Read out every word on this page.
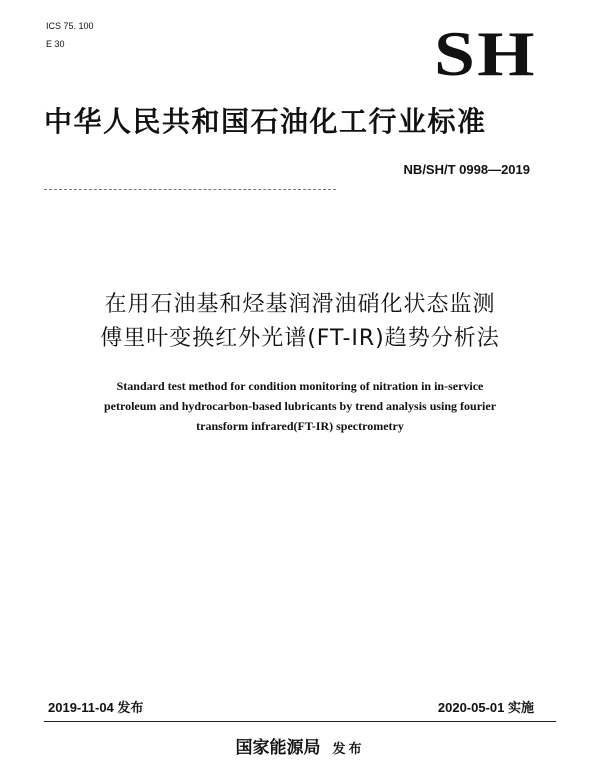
ICS 75. 100
E 30	SH
中华人民共和国石油化工行业标准
NB/SH/T 0998—2019
在用石油基和烃基润滑油硝化状态监测
傅里叶变换红外光谱(FT-IR)趋势分析法
Standard test method for condition monitoring of nitration in in-service
petroleum and hydrocarbon-based lubricants by trend analysis using fourier
transform infrared(FT-IR) spectrometry
2019-11-04 发布	2020-05-01 实施
国家能源局 发布
